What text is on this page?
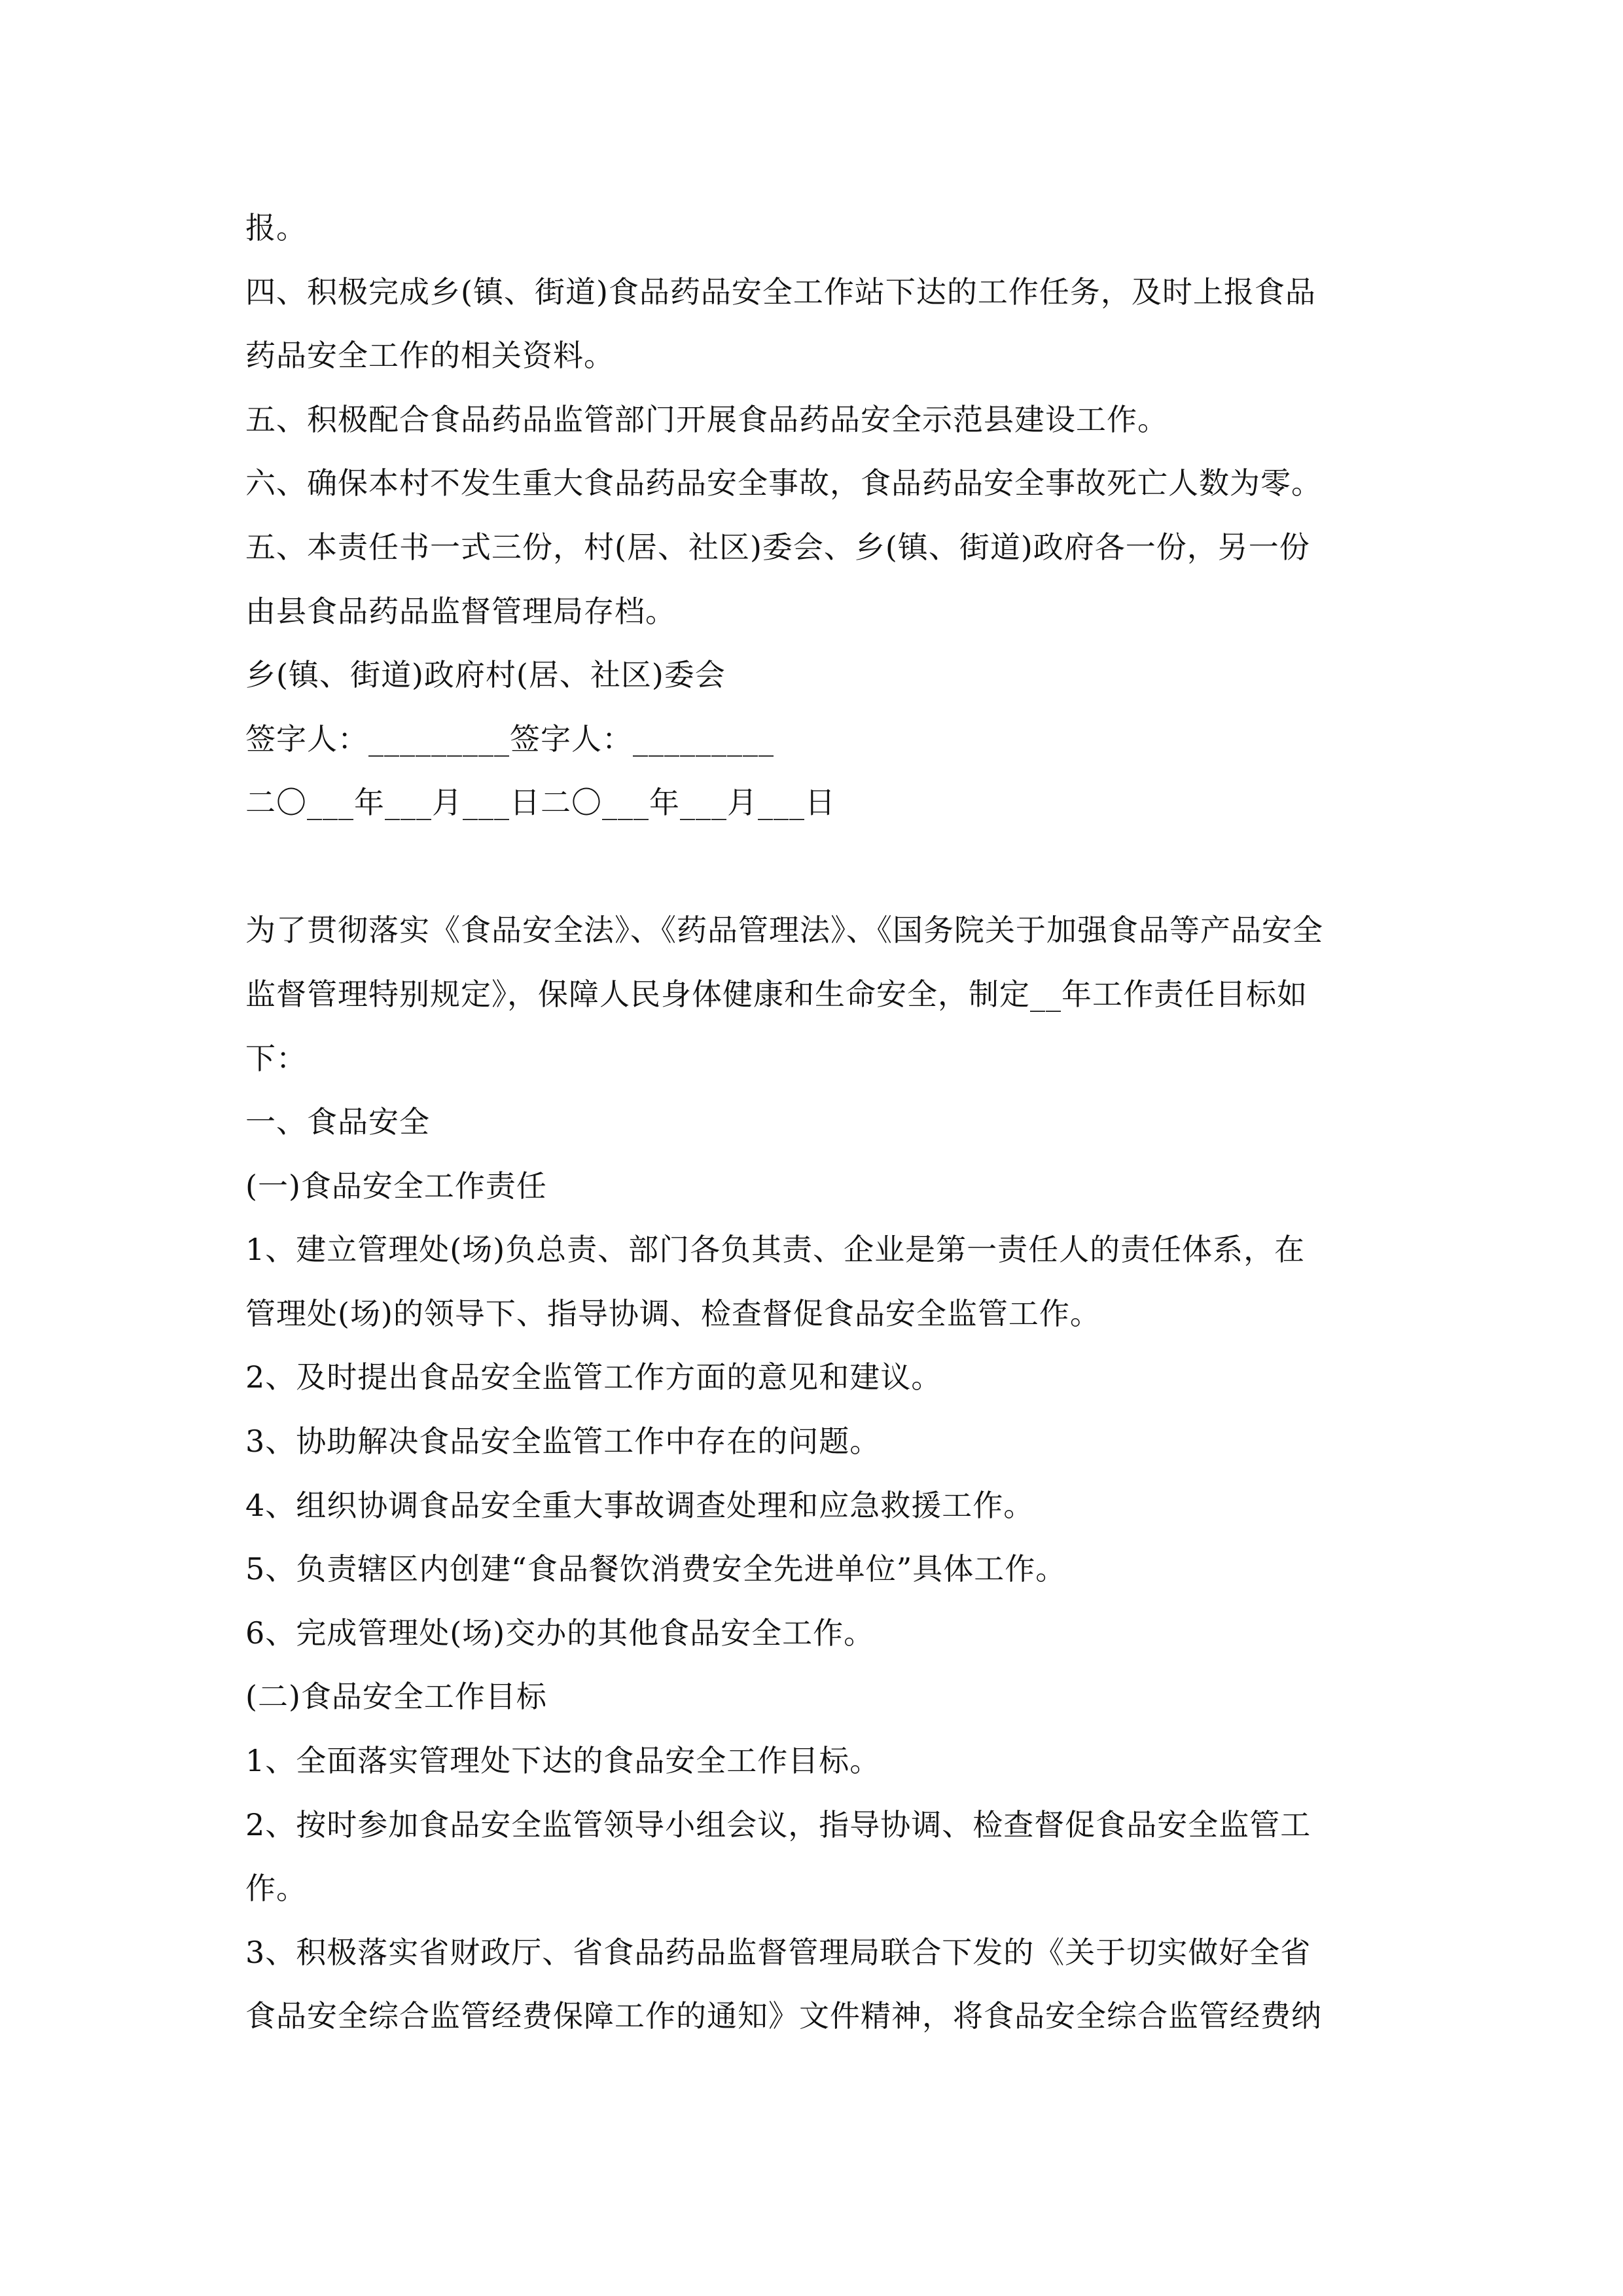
报。
四、积极完成乡(镇、街道)食品药品安全工作站下达的工作任务，及时上报食品
药品安全工作的相关资料。
五、积极配合食品药品监管部门开展食品药品安全示范县建设工作。
六、确保本村不发生重大食品药品安全事故，食品药品安全事故死亡人数为零。
五、本责任书一式三份，村(居、社区)委会、乡(镇、街道)政府各一份，另一份
由县食品药品监督管理局存档。
乡(镇、街道)政府村(居、社区)委会
签字人：_________签字人：_________
二〇___年___月___日二〇___年___月___日
为了贯彻落实《食品安全法》、《药品管理法》、《国务院关于加强食品等产品安全
监督管理特别规定》，保障人民身体健康和生命安全，制定__年工作责任目标如
下：
一、食品安全
(一)食品安全工作责任
1、建立管理处(场)负总责、部门各负其责、企业是第一责任人的责任体系，在
管理处(场)的领导下、指导协调、检查督促食品安全监管工作。
2、及时提出食品安全监管工作方面的意见和建议。
3、协助解决食品安全监管工作中存在的问题。
4、组织协调食品安全重大事故调查处理和应急救援工作。
5、负责辖区内创建“食品餐饮消费安全先进单位”具体工作。
6、完成管理处(场)交办的其他食品安全工作。
(二)食品安全工作目标
1、全面落实管理处下达的食品安全工作目标。
2、按时参加食品安全监管领导小组会议，指导协调、检查督促食品安全监管工
作。
3、积极落实省财政厅、省食品药品监督管理局联合下发的《关于切实做好全省
食品安全综合监管经费保障工作的通知》文件精神，将食品安全综合监管经费纳
